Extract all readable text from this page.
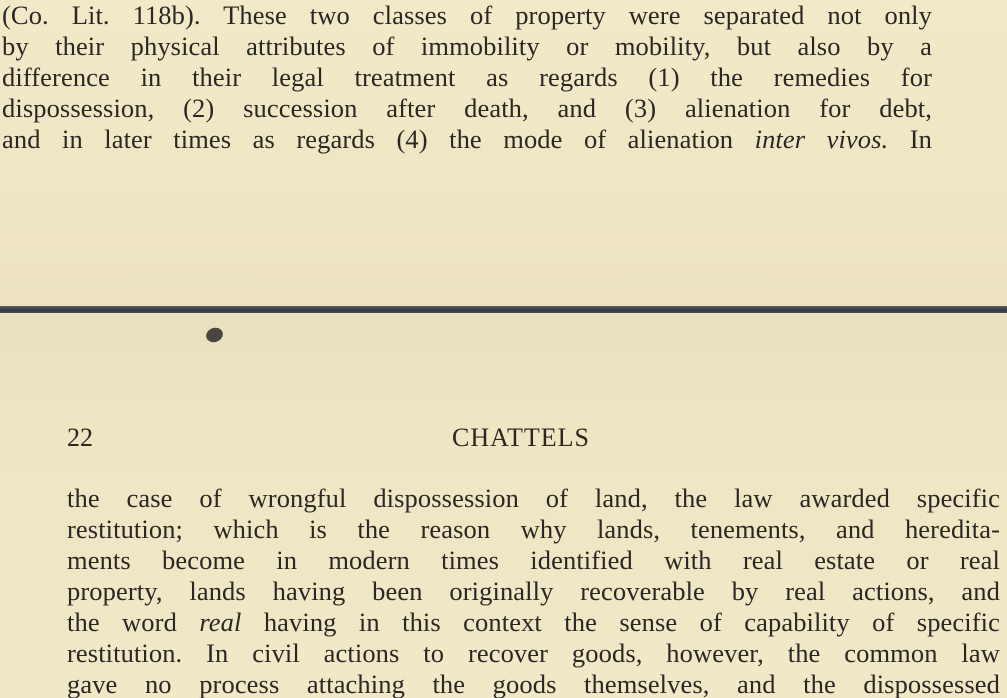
(Co. Lit. 118b). These two classes of property were separated not only
by their physical attributes of immobility or mobility, but also by a
difference in their legal treatment as regards (1) the remedies for
dispossession, (2) succession after death, and (3) alienation for debt,
and in later times as regards (4) the mode of alienation inter vivos. In
22	CHATTELS
the case of wrongful dispossession of land, the law awarded specific
restitution; which is the reason why lands, tenements, and heredita-
ments become in modern times identified with real estate or real
property, lands having been originally recoverable by real actions, and
the word real having in this context the sense of capability of specific
restitution. In civil actions to recover goods, however, the common law
gave no process attaching the goods themselves, and the dispossessed
